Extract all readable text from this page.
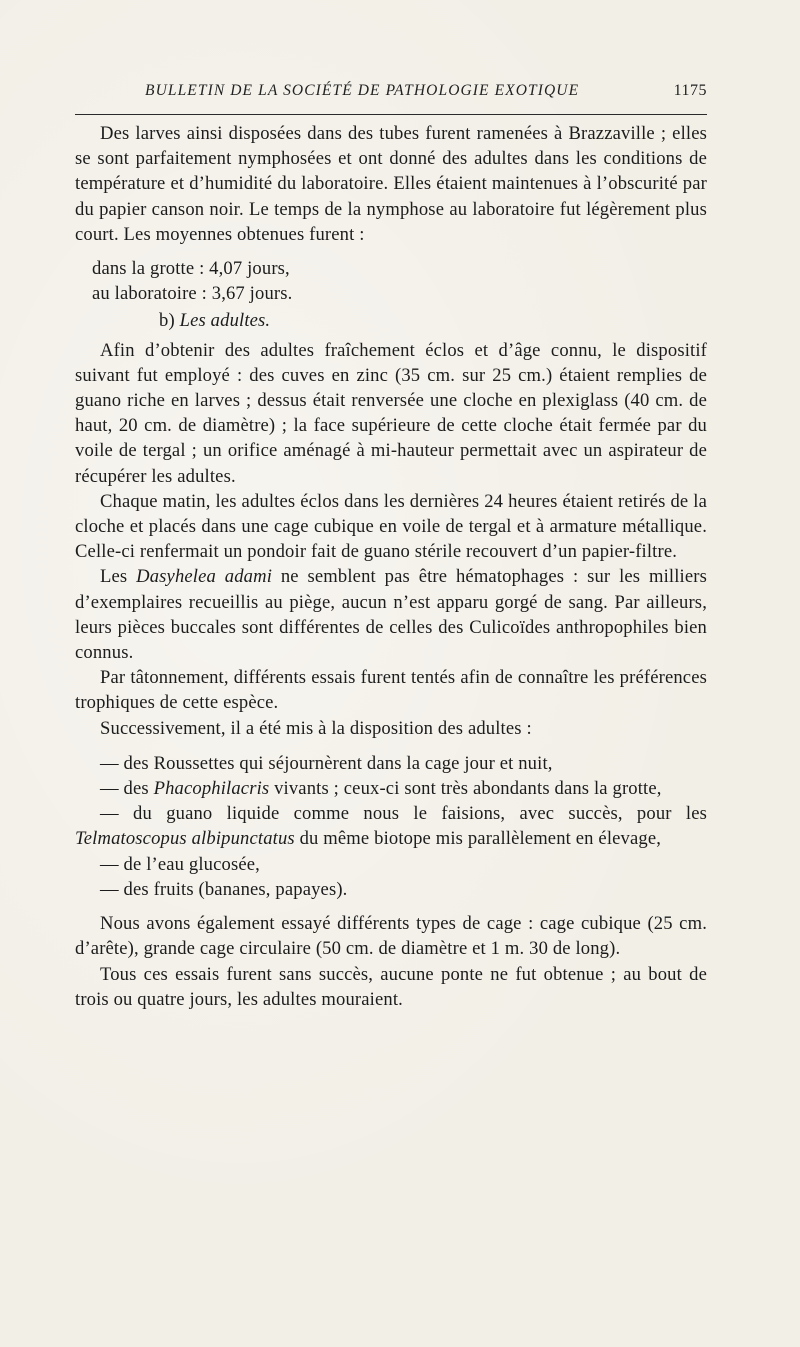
BULLETIN DE LA SOCIÉTÉ DE PATHOLOGIE EXOTIQUE	1175

Des larves ainsi disposées dans des tubes furent ramenées à Brazzaville ; elles se sont parfaitement nymphosées et ont donné des adultes dans les conditions de température et d’humidité du laboratoire. Elles étaient maintenues à l’obscurité par du papier canson noir. Le temps de la nymphose au laboratoire fut légèrement plus court. Les moyennes obtenues furent :

dans la grotte : 4,07 jours,

au laboratoire : 3,67 jours.

b) Les adultes.

Afin d’obtenir des adultes fraîchement éclos et d’âge connu, le dispositif suivant fut employé : des cuves en zinc (35 cm. sur 25 cm.) étaient remplies de guano riche en larves ; dessus était renversée une cloche en plexiglass (40 cm. de haut, 20 cm. de diamètre) ; la face supérieure de cette cloche était fermée par du voile de tergal ; un orifice aménagé à mi-hauteur permettait avec un aspirateur de récupérer les adultes.

Chaque matin, les adultes éclos dans les dernières 24 heures étaient retirés de la cloche et placés dans une cage cubique en voile de tergal et à armature métallique. Celle-ci renfermait un pondoir fait de guano stérile recouvert d’un papier-filtre.

Les Dasyhelea adami ne semblent pas être hématophages : sur les milliers d’exemplaires recueillis au piège, aucun n’est apparu gorgé de sang. Par ailleurs, leurs pièces buccales sont différentes de celles des Culicoïdes anthropophiles bien connus.

Par tâtonnement, différents essais furent tentés afin de connaître les préférences trophiques de cette espèce.

Successivement, il a été mis à la disposition des adultes :

— des Roussettes qui séjournèrent dans la cage jour et nuit,

— des Phacophilacris vivants ; ceux-ci sont très abondants dans la grotte,

— du guano liquide comme nous le faisions, avec succès, pour les Telmatoscopus albipunctatus du même biotope mis parallèlement en élevage,

— de l’eau glucosée,

— des fruits (bananes, papayes).

Nous avons également essayé différents types de cage : cage cubique (25 cm. d’arête), grande cage circulaire (50 cm. de diamètre et 1 m. 30 de long).

Tous ces essais furent sans succès, aucune ponte ne fut obtenue ; au bout de trois ou quatre jours, les adultes mouraient.
